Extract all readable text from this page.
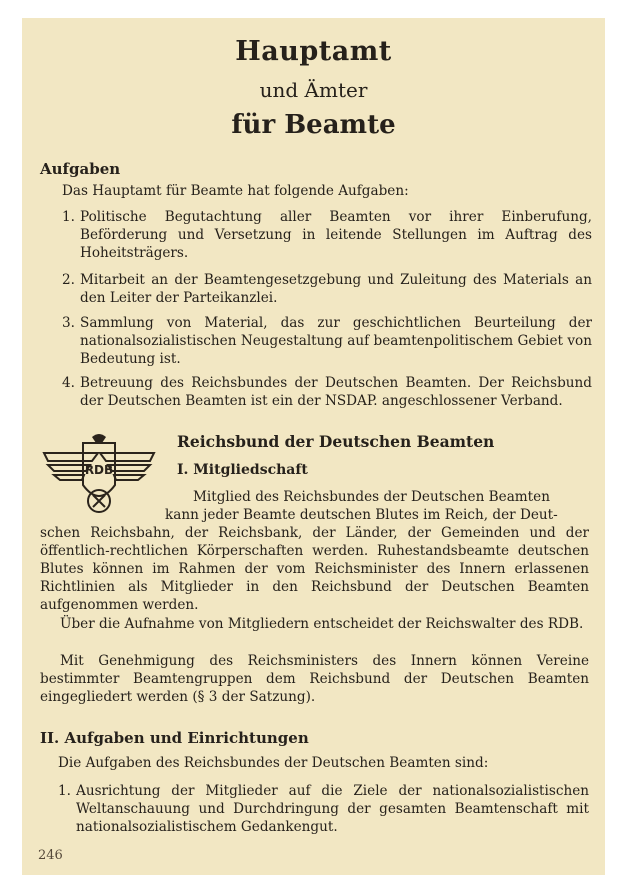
Hauptamt
und Ämter
für Beamte
Aufgaben
Das Hauptamt für Beamte hat folgende Aufgaben:
1. Politische Begutachtung aller Beamten vor ihrer Einberufung, Beförderung und Versetzung in leitende Stellungen im Auftrag des Hoheitsträgers.
2. Mitarbeit an der Beamtengesetzgebung und Zuleitung des Materials an den Leiter der Parteikanzlei.
3. Sammlung von Material, das zur geschichtlichen Beurteilung der nationalsozialistischen Neugestaltung auf beamtenpolitischem Gebiet von Bedeutung ist.
4. Betreuung des Reichsbundes der Deutschen Beamten. Der Reichsbund der Deutschen Beamten ist ein der NSDAP. angeschlossener Verband.
RDB
Reichsbund der Deutschen Beamten
I. Mitgliedschaft
Mitglied des Reichsbundes der Deutschen Beamten
kann jeder Beamte deutschen Blutes im Reich, der Deut-
schen Reichsbahn, der Reichsbank, der Länder, der Gemeinden und der öffentlich-rechtlichen Körperschaften werden. Ruhestandsbeamte deutschen Blutes können im Rahmen der vom Reichsminister des Innern erlassenen Richtlinien als Mitglieder in den Reichsbund der Deutschen Beamten aufgenommen werden.
Über die Aufnahme von Mitgliedern entscheidet der Reichswalter des RDB.
Mit Genehmigung des Reichsministers des Innern können Vereine bestimmter Beamtengruppen dem Reichsbund der Deutschen Beamten eingegliedert werden (§ 3 der Satzung).
II. Aufgaben und Einrichtungen
Die Aufgaben des Reichsbundes der Deutschen Beamten sind:
1. Ausrichtung der Mitglieder auf die Ziele der nationalsozialistischen Weltanschauung und Durchdringung der gesamten Beamtenschaft mit nationalsozialistischem Gedankengut.
246
